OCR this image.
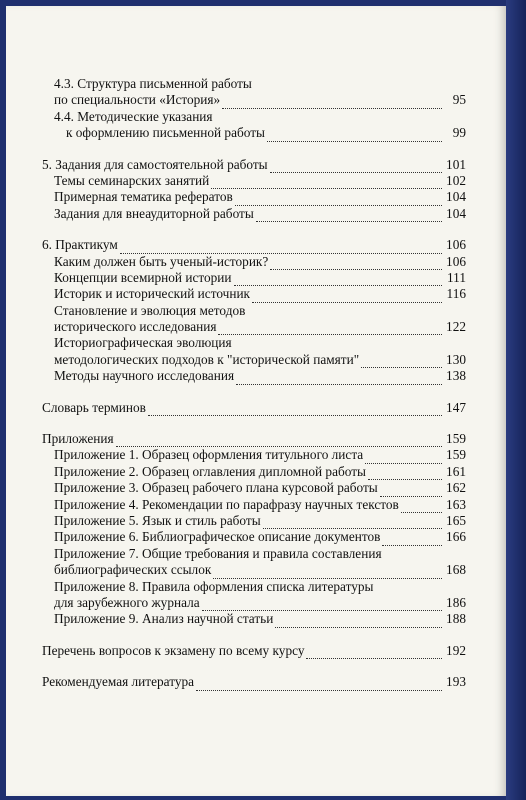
4.3. Структура письменной работы
по специальности «История»	95
4.4. Методические указания
к оформлению письменной работы	99
5. Задания для самостоятельной работы	101
Темы семинарских занятий	102
Примерная тематика рефератов	104
Задания для внеаудиторной работы	104
6. Практикум	106
Каким должен быть ученый-историк?	106
Концепции всемирной истории	111
Историк и исторический источник	116
Становление и эволюция методов
исторического исследования	122
Историографическая эволюция
методологических подходов к "исторической памяти"	130
Методы научного исследования	138
Словарь терминов	147
Приложения	159
Приложение 1. Образец оформления титульного листа	159
Приложение 2. Образец оглавления дипломной работы	161
Приложение 3. Образец рабочего плана курсовой работы	162
Приложение 4. Рекомендации по парафразу научных текстов	163
Приложение 5. Язык и стиль работы	165
Приложение 6. Библиографическое описание документов	166
Приложение 7. Общие требования и правила составления
библиографических ссылок	168
Приложение 8. Правила оформления списка литературы
для зарубежного журнала	186
Приложение 9. Анализ научной статьи	188
Перечень вопросов к экзамену по всему курсу	192
Рекомендуемая литература	193
